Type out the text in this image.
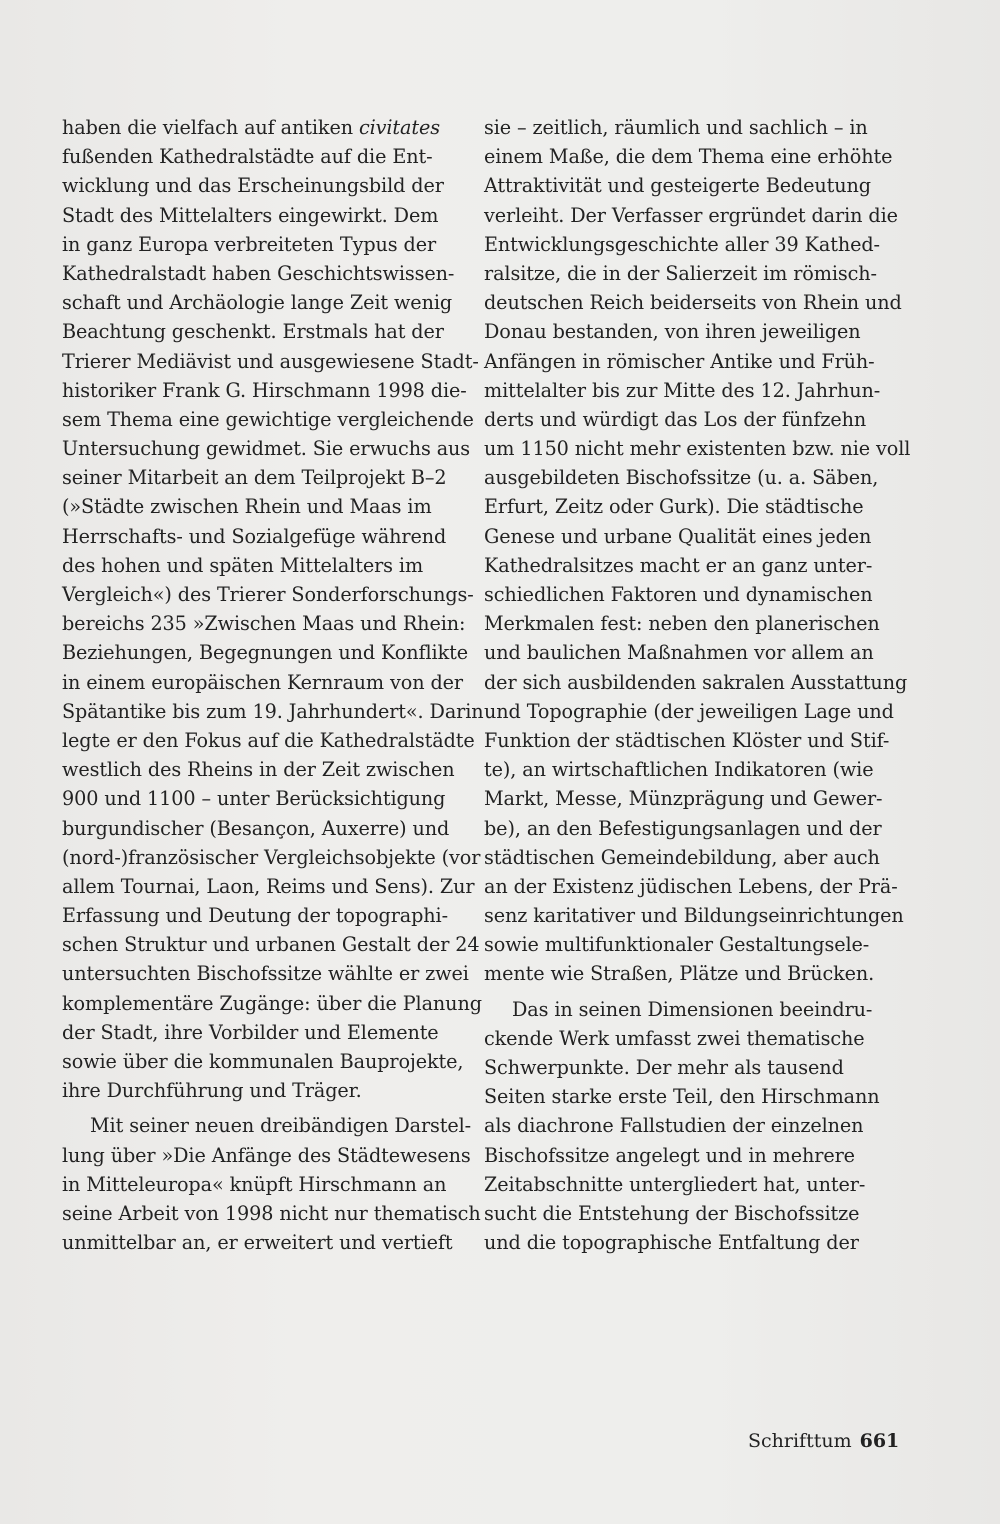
haben die vielfach auf antiken civitates
fußenden Kathedralstädte auf die Ent-
wicklung und das Erscheinungsbild der
Stadt des Mittelalters eingewirkt. Dem
in ganz Europa verbreiteten Typus der
Kathedralstadt haben Geschichtswissen-
schaft und Archäologie lange Zeit wenig
Beachtung geschenkt. Erstmals hat der
Trierer Mediävist und ausgewiesene Stadt-
historiker Frank G. Hirschmann 1998 die-
sem Thema eine gewichtige vergleichende
Untersuchung gewidmet. Sie erwuchs aus
seiner Mitarbeit an dem Teilprojekt B–2
(»Städte zwischen Rhein und Maas im
Herrschafts- und Sozialgefüge während
des hohen und späten Mittelalters im
Vergleich«) des Trierer Sonderforschungs-
bereichs 235 »Zwischen Maas und Rhein:
Beziehungen, Begegnungen und Konflikte
in einem europäischen Kernraum von der
Spätantike bis zum 19. Jahrhundert«. Darin
legte er den Fokus auf die Kathedralstädte
westlich des Rheins in der Zeit zwischen
900 und 1100 – unter Berücksichtigung
burgundischer (Besançon, Auxerre) und
(nord-)französischer Vergleichsobjekte (vor
allem Tournai, Laon, Reims und Sens). Zur
Erfassung und Deutung der topographi-
schen Struktur und urbanen Gestalt der 24
untersuchten Bischofssitze wählte er zwei
komplementäre Zugänge: über die Planung
der Stadt, ihre Vorbilder und Elemente
sowie über die kommunalen Bauprojekte,
ihre Durchführung und Träger.
Mit seiner neuen dreibändigen Darstel-
lung über »Die Anfänge des Städtewesens
in Mitteleuropa« knüpft Hirschmann an
seine Arbeit von 1998 nicht nur thematisch
unmittelbar an, er erweitert und vertieft
sie – zeitlich, räumlich und sachlich – in
einem Maße, die dem Thema eine erhöhte
Attraktivität und gesteigerte Bedeutung
verleiht. Der Verfasser ergründet darin die
Entwicklungsgeschichte aller 39 Kathed-
ralsitze, die in der Salierzeit im römisch-
deutschen Reich beiderseits von Rhein und
Donau bestanden, von ihren jeweiligen
Anfängen in römischer Antike und Früh-
mittelalter bis zur Mitte des 12. Jahrhun-
derts und würdigt das Los der fünfzehn
um 1150 nicht mehr existenten bzw. nie voll
ausgebildeten Bischofssitze (u. a. Säben,
Erfurt, Zeitz oder Gurk). Die städtische
Genese und urbane Qualität eines jeden
Kathedralsitzes macht er an ganz unter-
schiedlichen Faktoren und dynamischen
Merkmalen fest: neben den planerischen
und baulichen Maßnahmen vor allem an
der sich ausbildenden sakralen Ausstattung
und Topographie (der jeweiligen Lage und
Funktion der städtischen Klöster und Stif-
te), an wirtschaftlichen Indikatoren (wie
Markt, Messe, Münzprägung und Gewer-
be), an den Befestigungsanlagen und der
städtischen Gemeindebildung, aber auch
an der Existenz jüdischen Lebens, der Prä-
senz karitativer und Bildungseinrichtungen
sowie multifunktionaler Gestaltungsele-
mente wie Straßen, Plätze und Brücken.
Das in seinen Dimensionen beeindru-
ckende Werk umfasst zwei thematische
Schwerpunkte. Der mehr als tausend
Seiten starke erste Teil, den Hirschmann
als diachrone Fallstudien der einzelnen
Bischofssitze angelegt und in mehrere
Zeitabschnitte untergliedert hat, unter-
sucht die Entstehung der Bischofssitze
und die topographische Entfaltung der
Schrifttum 661
